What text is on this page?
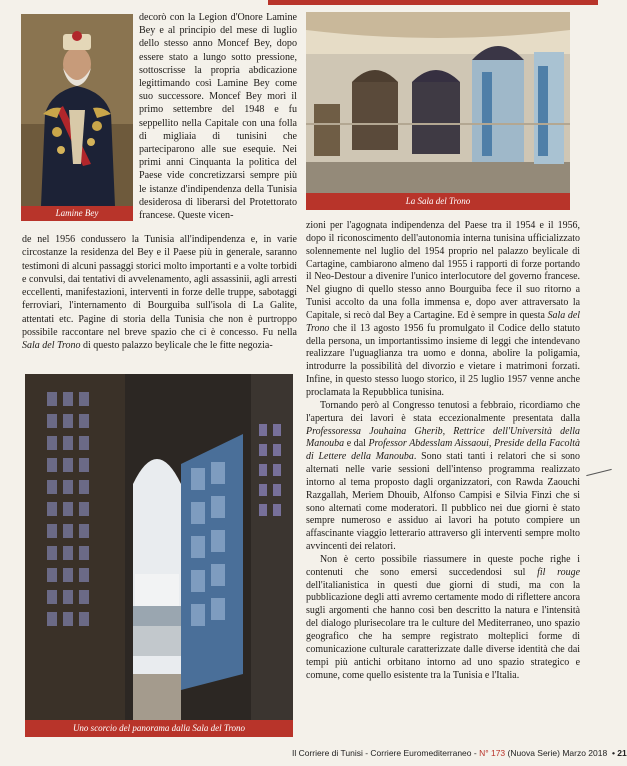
Lamine Bey
La Sala del Trono
Uno scorcio del panorama dalla Sala del Trono

decorò con la Legion d'Onore Lamine Bey e al principio del mese di luglio dello stesso anno Moncef Bey, dopo essere stato a lungo sotto pressione, sottoscrisse la propria abdicazione legittimando così Lamine Bey come suo successore. Moncef Bey morì il primo settembre del 1948 e fu seppellito nella Capitale con una folla di migliaia di tunisini che parteciparono alle sue esequie. Nei primi anni Cinquanta la politica del Paese vide concretizzarsi sempre più le istanze d'indipendenza della Tunisia desiderosa di liberarsi del Protettorato francese. Queste vicen-

de nel 1956 condussero la Tunisia all'indipendenza e, in varie circostanze la residenza del Bey e il Paese più in generale, saranno testimoni di alcuni passaggi storici molto importanti e a volte torbidi e convulsi, dai tentativi di avvelenamento, agli assassinii, agli arresti eccellenti, manifestazioni, interventi in forze delle truppe, sabotaggi ferroviari, l'internamento di Bourguiba sull'isola di La Galite, attentati etc. Pagine di storia della Tunisia che non è purtroppo possibile raccontare nel breve spazio che ci è concesso. Fu nella Sala del Trono di questo palazzo beylicale che le fitte negozia-

zioni per l'agognata indipendenza del Paese tra il 1954 e il 1956, dopo il riconoscimento dell'autonomia interna tunisina ufficializzato solennemente nel luglio del 1954 proprio nel palazzo beylicale di Cartagine, cambiarono almeno dal 1955 i rapporti di forze portando il Neo-Destour a divenire l'unico interlocutore del governo francese. Nel giugno di quello stesso anno Bourguiba fece il suo ritorno a Tunisi accolto da una folla immensa e, dopo aver attraversato la Capitale, si recò dal Bey a Cartagine. Ed è sempre in questa Sala del Trono che il 13 agosto 1956 fu promulgato il Codice dello statuto della persona, un importantissimo insieme di leggi che intendevano realizzare l'uguaglianza tra uomo e donna, abolire la poligamia, introdurre la possibilità del divorzio e vietare i matrimoni forzati. Infine, in questo stesso luogo storico, il 25 luglio 1957 venne anche proclamata la Repubblica tunisina.

Tornando però al Congresso tenutosi a febbraio, ricordiamo che l'apertura dei lavori è stata eccezionalmente presentata dalla Professoressa Jouhaina Gherib, Rettrice dell'Università della Manouba e dal Professor Abdesslam Aissaoui, Preside della Facoltà di Lettere della Manouba. Sono stati tanti i relatori che si sono alternati nelle varie sessioni dell'intenso programma realizzato intorno al tema proposto dagli organizzatori, con Rawda Zaouchi Razgallah, Meriem Dhouib, Alfonso Campisi e Silvia Finzi che si sono alternati come moderatori. Il pubblico nei due giorni è stato sempre numeroso e assiduo ai lavori ha potuto compiere un affascinante viaggio letterario attraverso gli interventi sempre molto avvincenti dei relatori.

Non è certo possibile riassumere in queste poche righe i contenuti che sono emersi succedendosi sul fil rouge dell'italianistica in questi due giorni di studi, ma con la pubblicazione degli atti avremo certamente modo di riflettere ancora sugli argomenti che hanno così ben descritto la natura e l'intensità del dialogo plurisecolare tra le culture del Mediterraneo, uno spazio geografico che ha sempre registrato molteplici forme di comunicazione culturale caratterizzate dalle diverse identità che dai tempi più antichi orbitano intorno ad uno spazio strategico e comune, come quello esistente tra la Tunisia e l'Italia.

Il Corriere di Tunisi - Corriere Euromediterraneo - N° 173 (Nuova Serie) Marzo 2018 • 21
